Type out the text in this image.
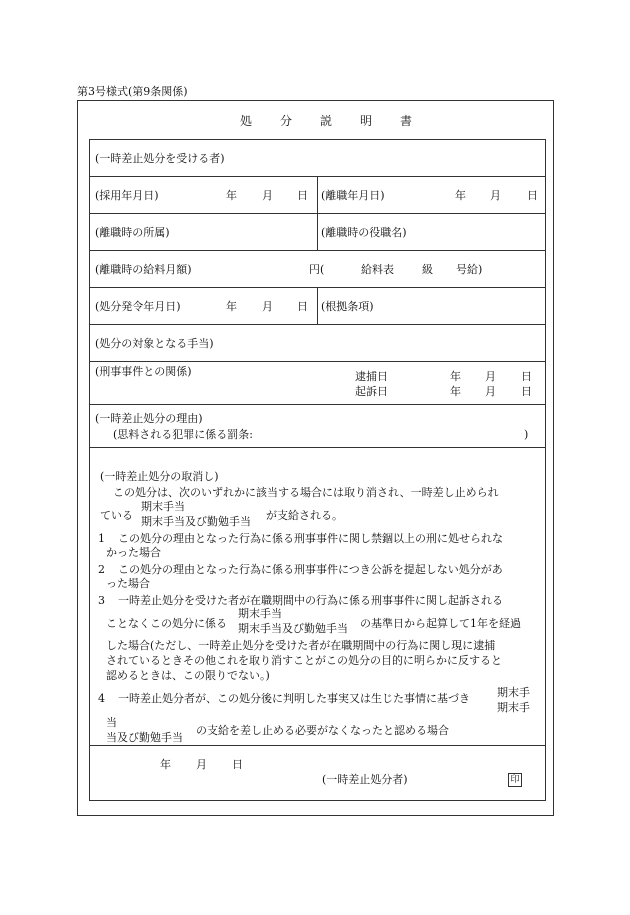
第3号様式(第9条関係)
処分説明書
(一時差止処分を受ける者)
(採用年月日)	年 月 日 (離職年月日)	年 月 日
(離職時の所属)	(離職時の役職名)
(離職時の給料月額)	円(	給料表	級 号給)
(処分発令年月日)	年 月 日 (根拠条項)
(処分の対象となる手当)
(刑事事件との関係)	逮捕日	年 月 日
起訴日	年 月 日
(一時差止処分の理由)
(思料される犯罪に係る罰条:	)
(一時差止処分の取消し)
この処分は、次のいずれかに該当する場合には取り消され、一時差し止められ
ている
期末手当
期末手当及び勤勉手当 が支給される。
1 この処分の理由となった行為に係る刑事事件に関し禁錮以上の刑に処せられな
かった場合
2 この処分の理由となった行為に係る刑事事件につき公訴を提起しない処分があ
った場合
3 一時差止処分を受けた者が在職期間中の行為に係る刑事事件に関し起訴される
ことなくこの処分に係る
期末手当
期末手当及び勤勉手当 の基準日から起算して1年を経過
した場合(ただし、一時差止処分を受けた者が在職期間中の行為に関し現に逮捕
されているときその他これを取り消すことがこの処分の目的に明らかに反すると
認めるときは、この限りでない。)
4 一時差止処分者が、この処分後に判明した事実又は生じた事情に基づき 期末手
期末手
当
当及び勤勉手当
の支給を差し止める必要がなくなったと認める場合
年 月 日
(一時差止処分者)	印
